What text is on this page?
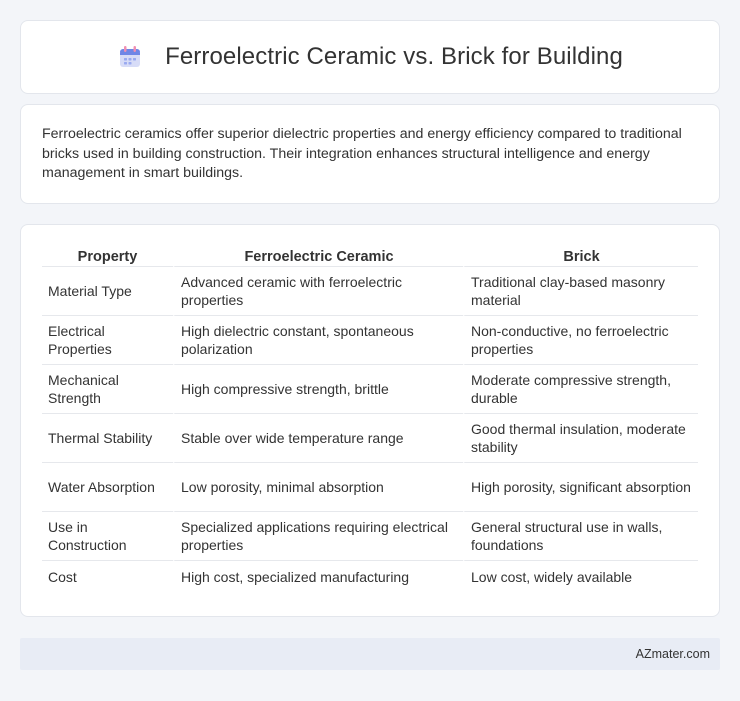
Ferroelectric Ceramic vs. Brick for Building

Ferroelectric ceramics offer superior dielectric properties and energy efficiency compared to traditional bricks used in building construction. Their integration enhances structural intelligence and energy management in smart buildings.

Property	Ferroelectric Ceramic	Brick
Material Type	Advanced ceramic with ferroelectric properties	Traditional clay-based masonry material
Electrical Properties	High dielectric constant, spontaneous polarization	Non-conductive, no ferroelectric properties
Mechanical Strength	High compressive strength, brittle	Moderate compressive strength, durable
Thermal Stability	Stable over wide temperature range	Good thermal insulation, moderate stability
Water Absorption	Low porosity, minimal absorption	High porosity, significant absorption
Use in Construction	Specialized applications requiring electrical properties	General structural use in walls, foundations
Cost	High cost, specialized manufacturing	Low cost, widely available
AZmater.com
